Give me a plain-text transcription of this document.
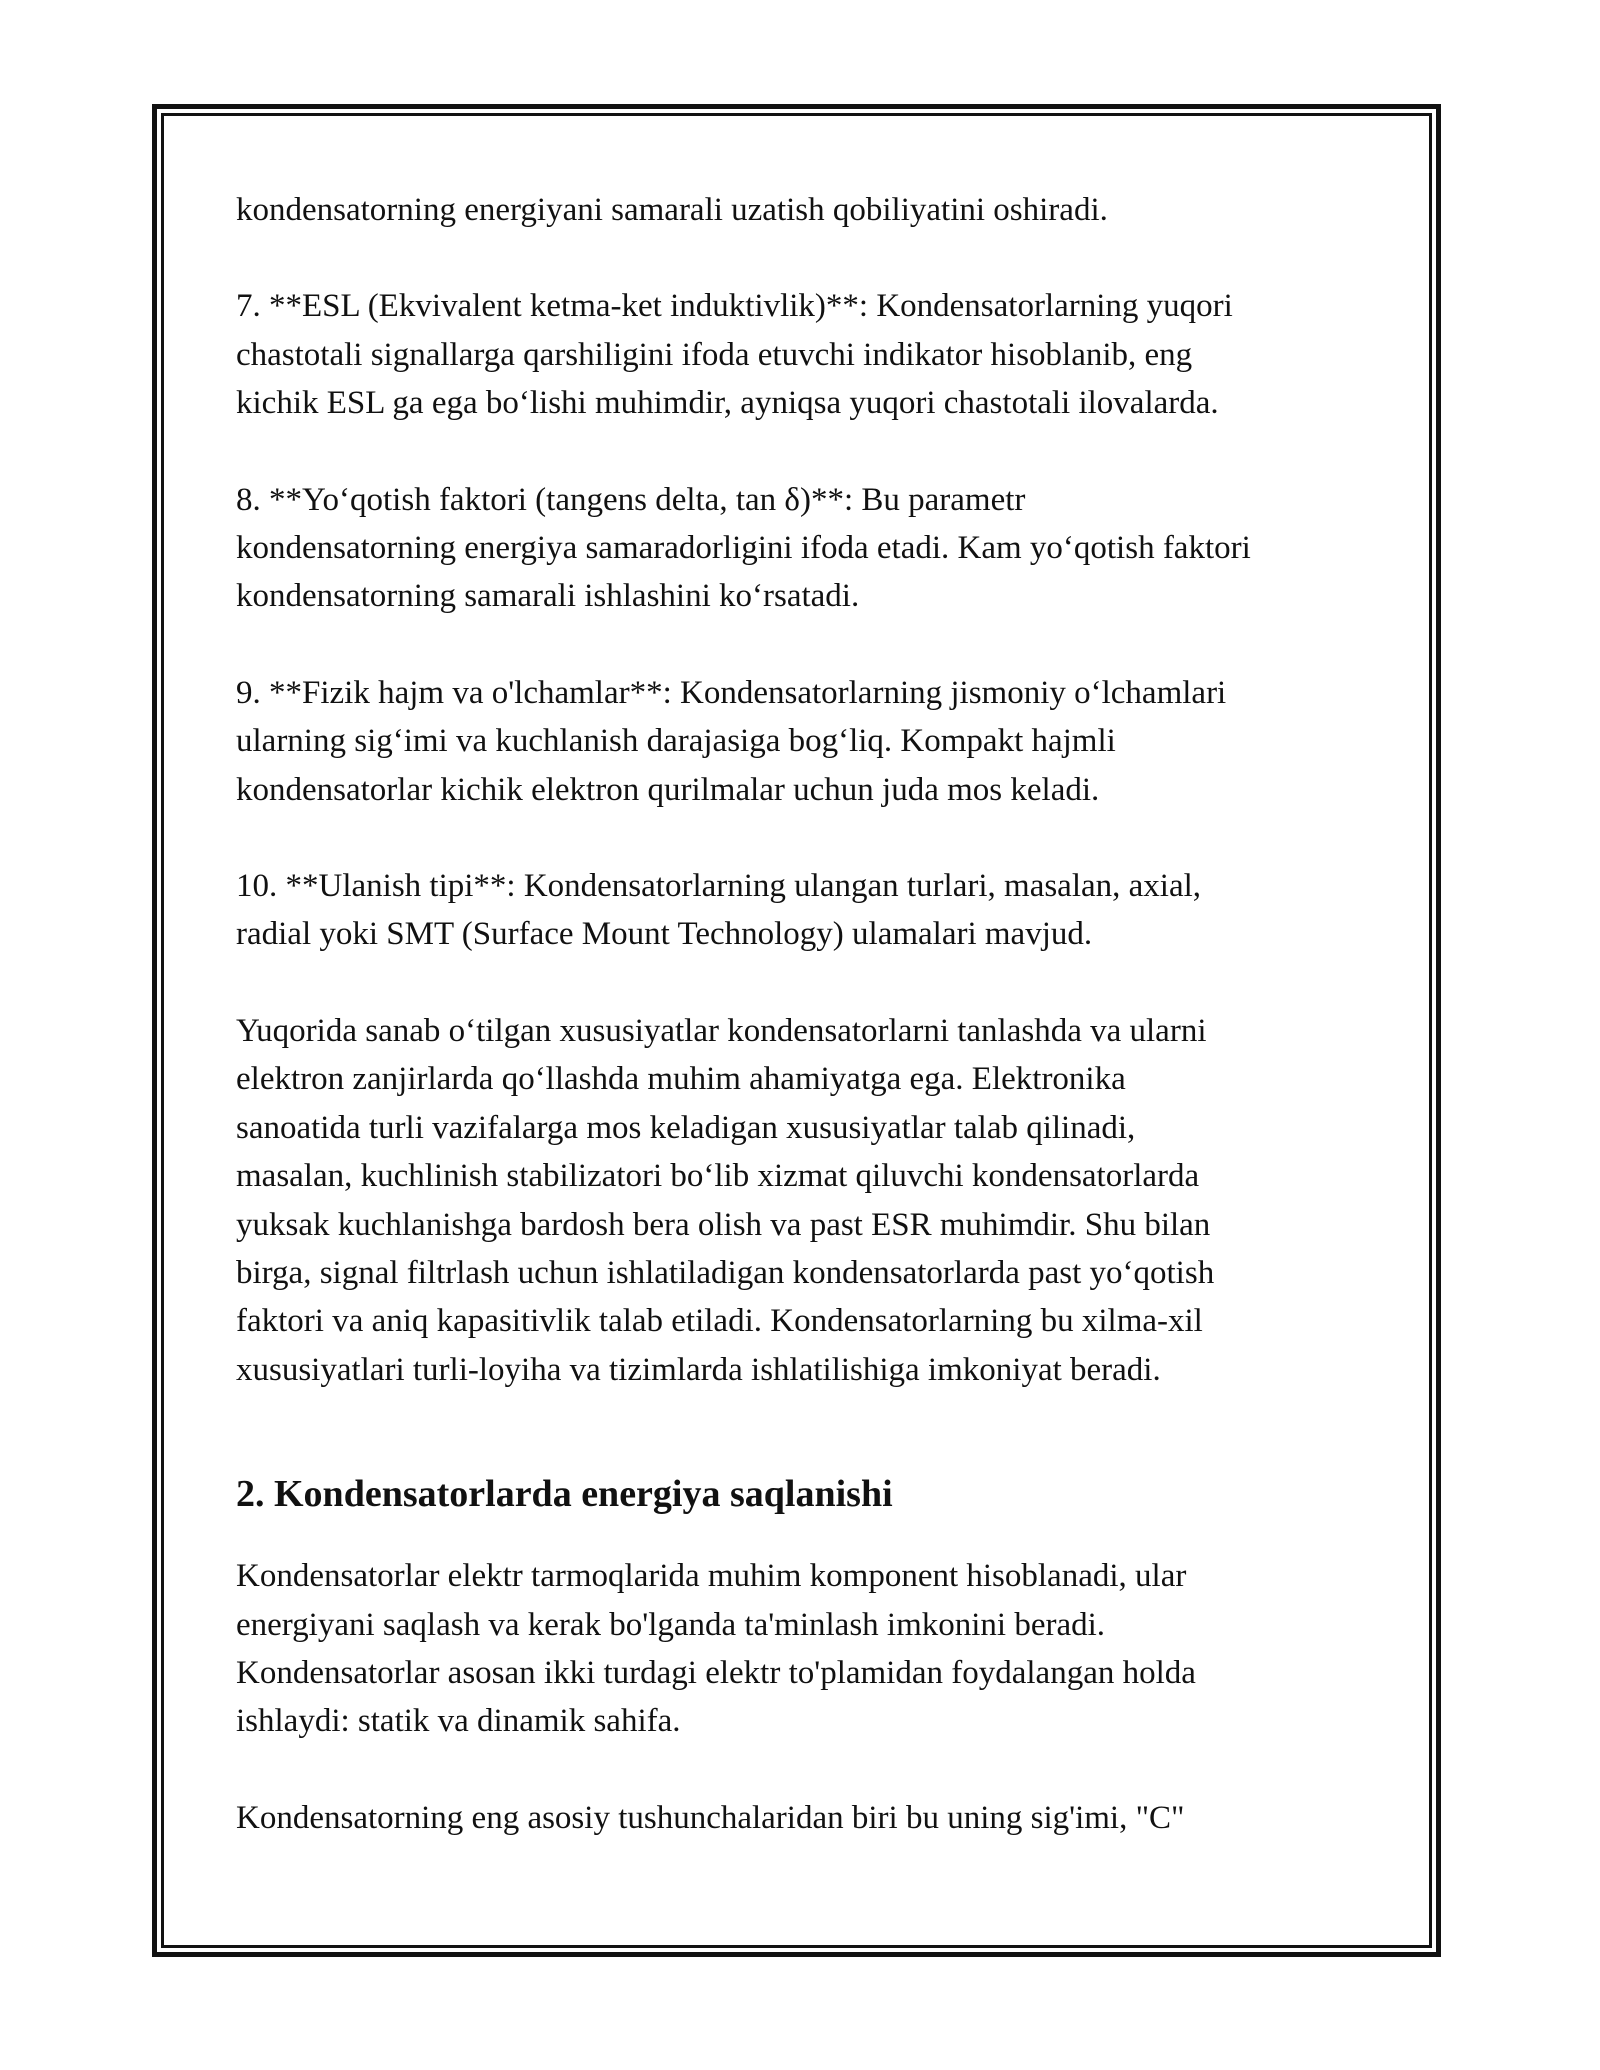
kondensatorning energiyani samarali uzatish qobiliyatini oshiradi.

7. **ESL (Ekvivalent ketma-ket induktivlik)**: Kondensatorlarning yuqori
chastotali signallarga qarshiligini ifoda etuvchi indikator hisoblanib, eng
kichik ESL ga ega bo‘lishi muhimdir, ayniqsa yuqori chastotali ilovalarda.

8. **Yo‘qotish faktori (tangens delta, tan δ)**: Bu parametr
kondensatorning energiya samaradorligini ifoda etadi. Kam yo‘qotish faktori
kondensatorning samarali ishlashini ko‘rsatadi.

9. **Fizik hajm va o'lchamlar**: Kondensatorlarning jismoniy o‘lchamlari
ularning sig‘imi va kuchlanish darajasiga bog‘liq. Kompakt hajmli
kondensatorlar kichik elektron qurilmalar uchun juda mos keladi.

10. **Ulanish tipi**: Kondensatorlarning ulangan turlari, masalan, axial,
radial yoki SMT (Surface Mount Technology) ulamalari mavjud.

Yuqorida sanab o‘tilgan xususiyatlar kondensatorlarni tanlashda va ularni
elektron zanjirlarda qo‘llashda muhim ahamiyatga ega. Elektronika
sanoatida turli vazifalarga mos keladigan xususiyatlar talab qilinadi,
masalan, kuchlinish stabilizatori bo‘lib xizmat qiluvchi kondensatorlarda
yuksak kuchlanishga bardosh bera olish va past ESR muhimdir. Shu bilan
birga, signal filtrlash uchun ishlatiladigan kondensatorlarda past yo‘qotish
faktori va aniq kapasitivlik talab etiladi. Kondensatorlarning bu xilma-xil
xususiyatlari turli-loyiha va tizimlarda ishlatilishiga imkoniyat beradi.

2. Kondensatorlarda energiya saqlanishi

Kondensatorlar elektr tarmoqlarida muhim komponent hisoblanadi, ular
energiyani saqlash va kerak bo'lganda ta'minlash imkonini beradi.
Kondensatorlar asosan ikki turdagi elektr to'plamidan foydalangan holda
ishlaydi: statik va dinamik sahifa.

Kondensatorning eng asosiy tushunchalaridan biri bu uning sig'imi, "C"
